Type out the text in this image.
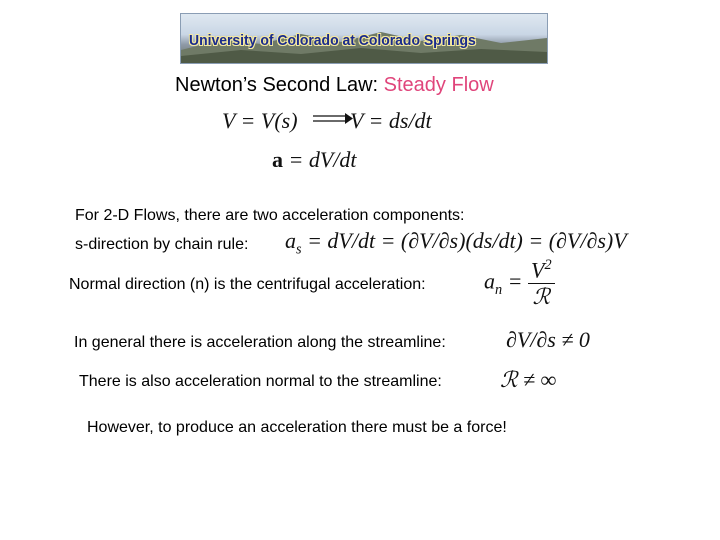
University of Colorado at Colorado Springs
Newton’s Second Law: Steady Flow
V = V(s) V = ds/dt
a = dV/dt
For 2-D Flows, there are two acceleration components:
s-direction by chain rule: $a_s = dV/dt = (\partial V/\partial s)(ds/dt) = (\partial V/\partial s)V$
Normal direction (n) is the centrifugal acceleration:	$a_n = \frac{V^2}{\text{ℛ}}$
In general there is acceleration along the streamline:	∂V/∂s ≠ 0
There is also acceleration normal to the streamline:	ℛ ≠ ∞
However, to produce an acceleration there must be a force!
